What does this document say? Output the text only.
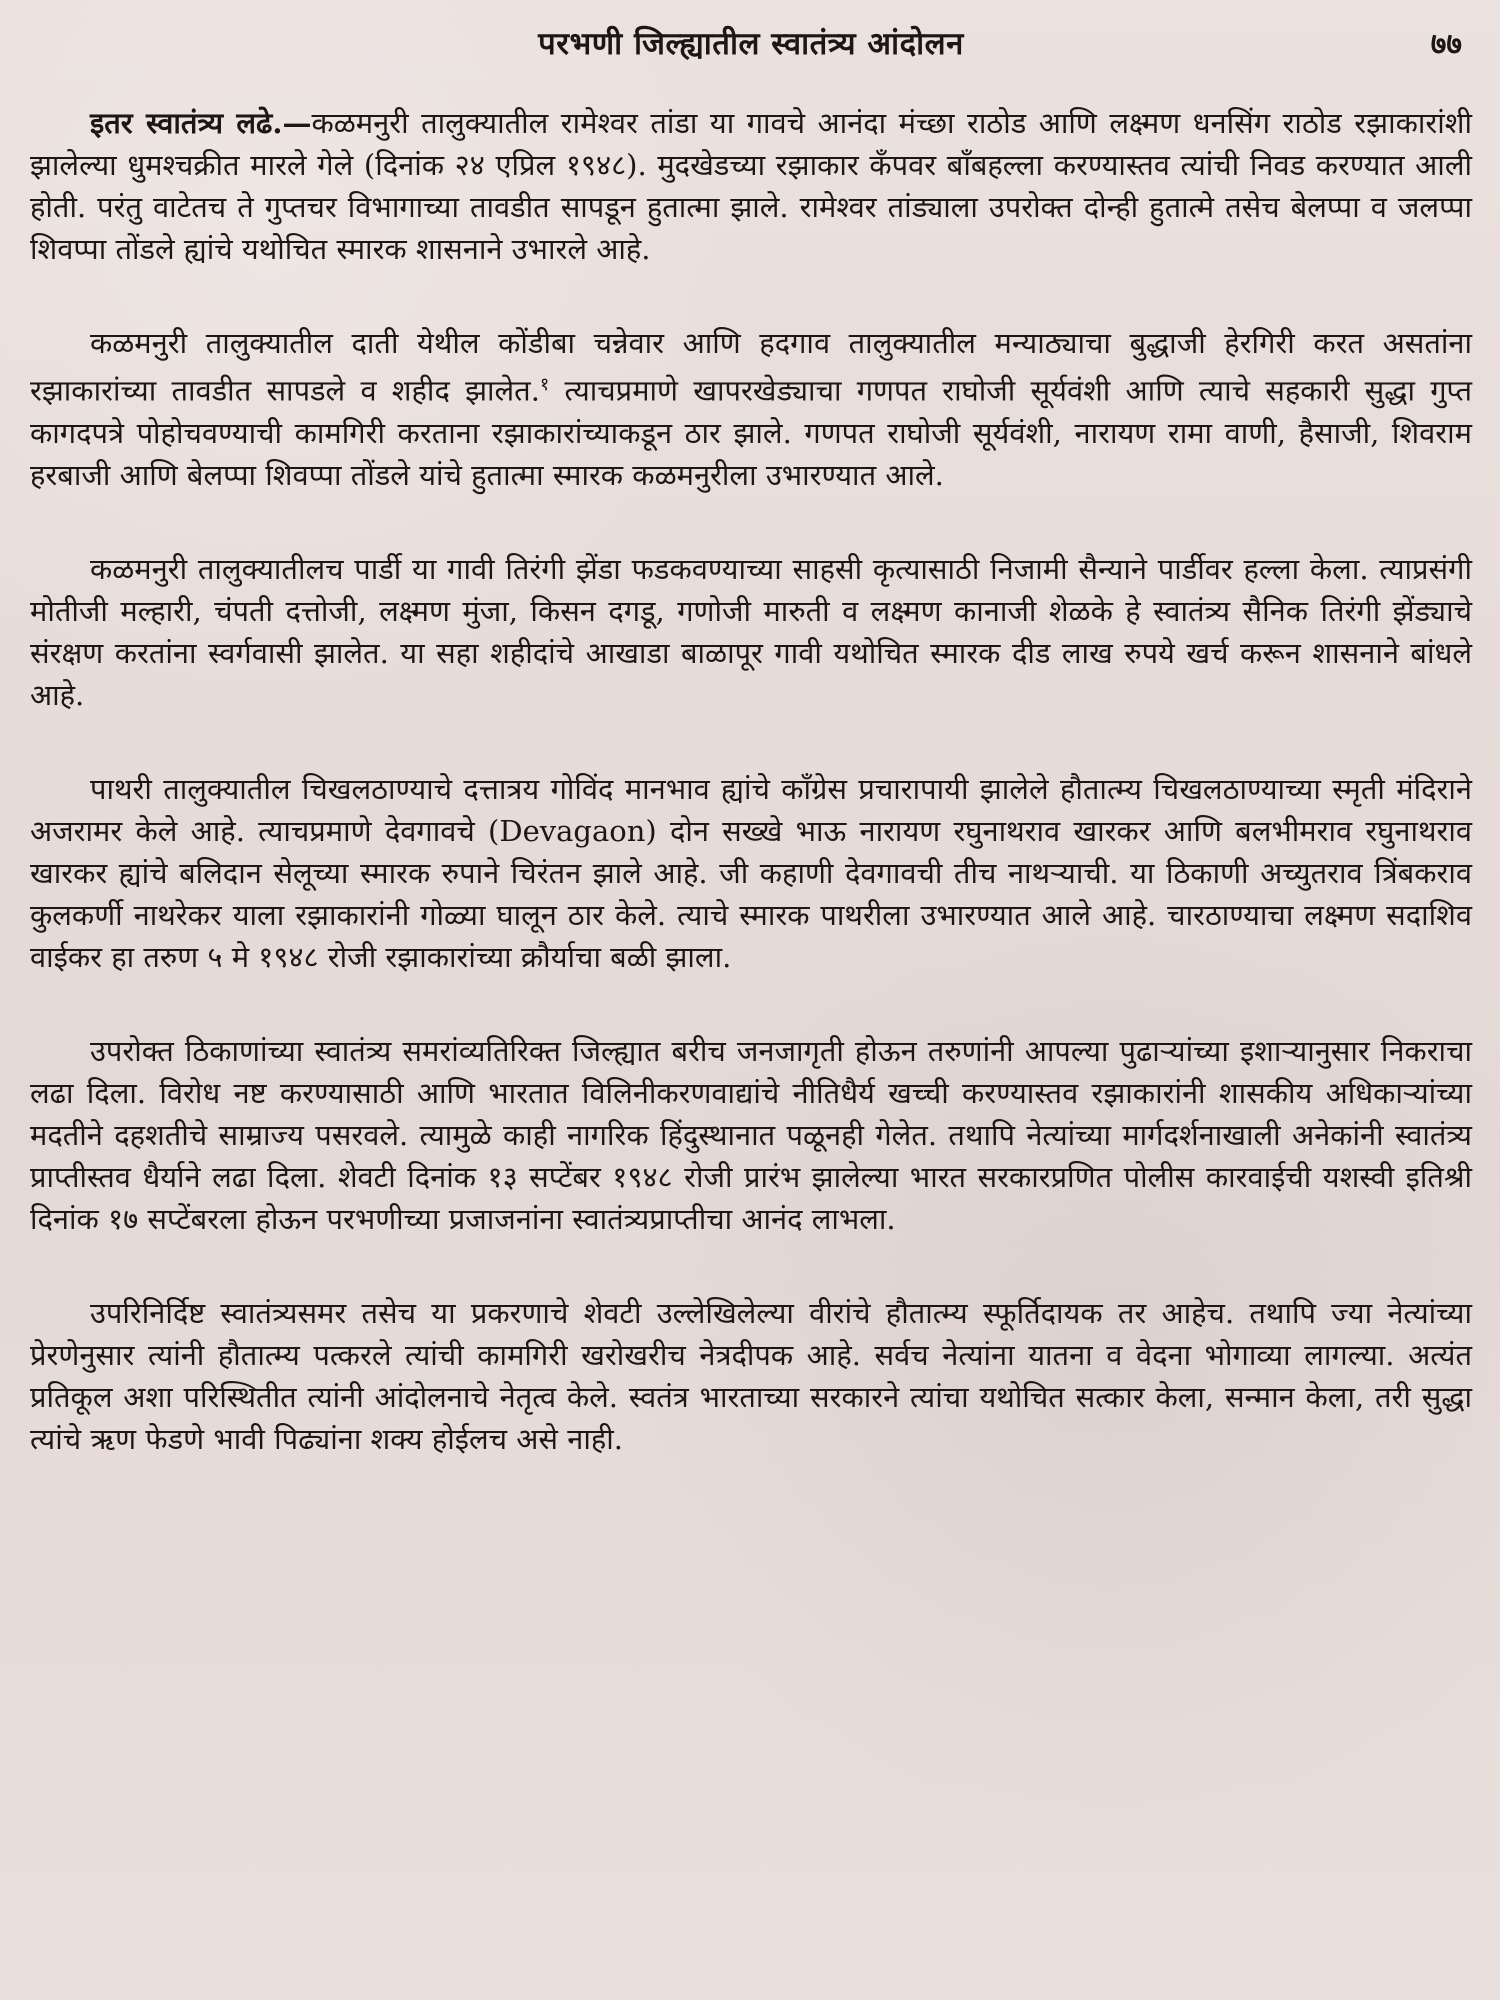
परभणी जिल्ह्यातील स्वातंत्र्य आंदोलन	७७

इतर स्वातंत्र्य लढे.—कळमनुरी तालुक्यातील रामेश्वर तांडा या गावचे आनंदा मंच्छा राठोड आणि लक्ष्मण धनसिंग राठोड रझाकारांशी झालेल्या धुमश्चक्रीत मारले गेले (दिनांक २४ एप्रिल १९४८). मुदखेडच्या रझाकार कँपवर बाँबहल्ला करण्यास्तव त्यांची निवड करण्यात आली होती. परंतु वाटेतच ते गुप्तचर विभागाच्या तावडीत सापडून हुतात्मा झाले. रामेश्वर तांड्याला उपरोक्त दोन्ही हुतात्मे तसेच बेलप्पा व जलप्पा शिवप्पा तोंडले ह्यांचे यथोचित स्मारक शासनाने उभारले आहे.

कळमनुरी तालुक्यातील दाती येथील कोंडीबा चन्नेवार आणि हदगाव तालुक्यातील मन्याठ्याचा बुद्धाजी हेरगिरी करत असतांना रझाकारांच्या तावडीत सापडले व शहीद झालेत.$^१$ त्याचप्रमाणे खापरखेड्याचा गणपत राघोजी सूर्यवंशी आणि त्याचे सहकारी सुद्धा गुप्त कागदपत्रे पोहोचवण्याची कामगिरी करताना रझाकारांच्याकडून ठार झाले. गणपत राघोजी सूर्यवंशी, नारायण रामा वाणी, हैसाजी, शिवराम हरबाजी आणि बेलप्पा शिवप्पा तोंडले यांचे हुतात्मा स्मारक कळमनुरीला उभारण्यात आले.

कळमनुरी तालुक्यातीलच पार्डी या गावी तिरंगी झेंडा फडकवण्याच्या साहसी कृत्यासाठी निजामी सैन्याने पार्डीवर हल्ला केला. त्याप्रसंगी मोतीजी मल्हारी, चंपती दत्तोजी, लक्ष्मण मुंजा, किसन दगडू, गणोजी मारुती व लक्ष्मण कानाजी शेळके हे स्वातंत्र्य सैनिक तिरंगी झेंड्याचे संरक्षण करतांना स्वर्गवासी झालेत. या सहा शहीदांचे आखाडा बाळापूर गावी यथोचित स्मारक दीड लाख रुपये खर्च करून शासनाने बांधले आहे.

पाथरी तालुक्यातील चिखलठाण्याचे दत्तात्रय गोविंद मानभाव ह्यांचे काँग्रेस प्रचारापायी झालेले हौतात्म्य चिखलठाण्याच्या स्मृती मंदिराने अजरामर केले आहे. त्याचप्रमाणे देवगावचे (Devagaon) दोन सख्खे भाऊ नारायण रघुनाथराव खारकर आणि बलभीमराव रघुनाथराव खारकर ह्यांचे बलिदान सेलूच्या स्मारक रुपाने चिरंतन झाले आहे. जी कहाणी देवगावची तीच नाथऱ्याची. या ठिकाणी अच्युतराव त्रिंबकराव कुलकर्णी नाथरेकर याला रझाकारांनी गोळ्या घालून ठार केले. त्याचे स्मारक पाथरीला उभारण्यात आले आहे. चारठाण्याचा लक्ष्मण सदाशिव वाईकर हा तरुण ५ मे १९४८ रोजी रझाकारांच्या क्रौर्याचा बळी झाला.

उपरोक्त ठिकाणांच्या स्वातंत्र्य समरांव्यतिरिक्त जिल्ह्यात बरीच जनजागृती होऊन तरुणांनी आपल्या पुढाऱ्यांच्या इशाऱ्यानुसार निकराचा लढा दिला. विरोध नष्ट करण्यासाठी आणि भारतात विलिनीकरणवाद्यांचे नीतिधैर्य खच्ची करण्यास्तव रझाकारांनी शासकीय अधिकाऱ्यांच्या मदतीने दहशतीचे साम्राज्य पसरवले. त्यामुळे काही नागरिक हिंदुस्थानात पळूनही गेलेत. तथापि नेत्यांच्या मार्गदर्शनाखाली अनेकांनी स्वातंत्र्य प्राप्तीस्तव धैर्याने लढा दिला. शेवटी दिनांक १३ सप्टेंबर १९४८ रोजी प्रारंभ झालेल्या भारत सरकारप्रणित पोलीस कारवाईची यशस्वी इतिश्री दिनांक १७ सप्टेंबरला होऊन परभणीच्या प्रजाजनांना स्वातंत्र्यप्राप्तीचा आनंद लाभला.

उपरिनिर्दिष्ट स्वातंत्र्यसमर तसेच या प्रकरणाचे शेवटी उल्लेखिलेल्या वीरांचे हौतात्म्य स्फूर्तिदायक तर आहेच. तथापि ज्या नेत्यांच्या प्रेरणेनुसार त्यांनी हौतात्म्य पत्करले त्यांची कामगिरी खरोखरीच नेत्रदीपक आहे. सर्वच नेत्यांना यातना व वेदना भोगाव्या लागल्या. अत्यंत प्रतिकूल अशा परिस्थितीत त्यांनी आंदोलनाचे नेतृत्व केले. स्वतंत्र भारताच्या सरकारने त्यांचा यथोचित सत्कार केला, सन्मान केला, तरी सुद्धा त्यांचे ऋण फेडणे भावी पिढ्यांना शक्य होईलच असे नाही.
